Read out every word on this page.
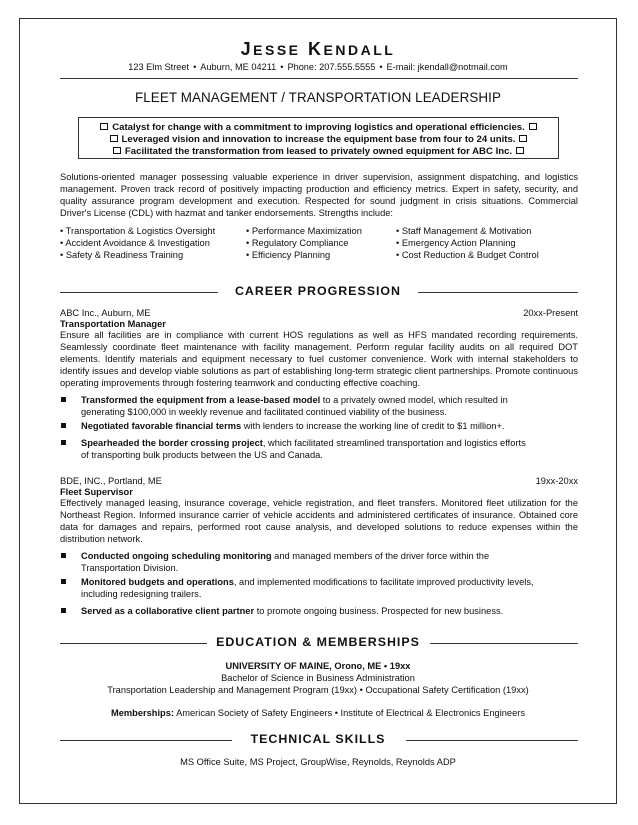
JESSE KENDALL
123 Elm Street • Auburn, ME 04211 • Phone: 207.555.5555 • E-mail: jkendall@notmail.com
FLEET MANAGEMENT / TRANSPORTATION LEADERSHIP
Catalyst for change with a commitment to improving logistics and operational efficiencies.
Leveraged vision and innovation to increase the equipment base from four to 24 units.
Facilitated the transformation from leased to privately owned equipment for ABC Inc.
Solutions-oriented manager possessing valuable experience in driver supervision, assignment dispatching, and logistics management. Proven track record of positively impacting production and efficiency metrics. Expert in safety, security, and quality assurance program development and execution. Respected for sound judgment in crisis situations. Commercial Driver's License (CDL) with hazmat and tanker endorsements. Strengths include:
• Transportation & Logistics Oversight
• Accident Avoidance & Investigation
• Safety & Readiness Training
• Performance Maximization
• Regulatory Compliance
• Efficiency Planning
• Staff Management & Motivation
• Emergency Action Planning
• Cost Reduction & Budget Control
CAREER PROGRESSION
ABC Inc., Auburn, ME	20xx-Present
Transportation Manager
Ensure all facilities are in compliance with current HOS regulations as well as HFS mandated recording requirements. Seamlessly coordinate fleet maintenance with facility management. Perform regular facility audits on all required DOT elements. Identify materials and equipment necessary to fuel customer convenience. Work with internal stakeholders to identify issues and develop viable solutions as part of establishing long-term strategic client partnerships. Promote continuous operating improvements through fostering teamwork and conducting effective coaching.
Transformed the equipment from a lease-based model to a privately owned model, which resulted in generating $100,000 in weekly revenue and facilitated continued viability of the business.
Negotiated favorable financial terms with lenders to increase the working line of credit to $1 million+.
Spearheaded the border crossing project, which facilitated streamlined transportation and logistics efforts of transporting bulk products between the US and Canada.
BDE, INC., Portland, ME	19xx-20xx
Fleet Supervisor
Effectively managed leasing, insurance coverage, vehicle registration, and fleet transfers. Monitored fleet utilization for the Northeast Region. Informed insurance carrier of vehicle accidents and administered certificates of insurance. Obtained core data for damages and repairs, performed root cause analysis, and developed solutions to reduce expenses within the distribution network.
Conducted ongoing scheduling monitoring and managed members of the driver force within the Transportation Division.
Monitored budgets and operations, and implemented modifications to facilitate improved productivity levels, including redesigning trailers.
Served as a collaborative client partner to promote ongoing business. Prospected for new business.
EDUCATION & MEMBERSHIPS
UNIVERSITY OF MAINE, Orono, ME • 19xx
Bachelor of Science in Business Administration
Transportation Leadership and Management Program (19xx) • Occupational Safety Certification (19xx)
Memberships: American Society of Safety Engineers • Institute of Electrical & Electronics Engineers
TECHNICAL SKILLS
MS Office Suite, MS Project, GroupWise, Reynolds, Reynolds ADP
